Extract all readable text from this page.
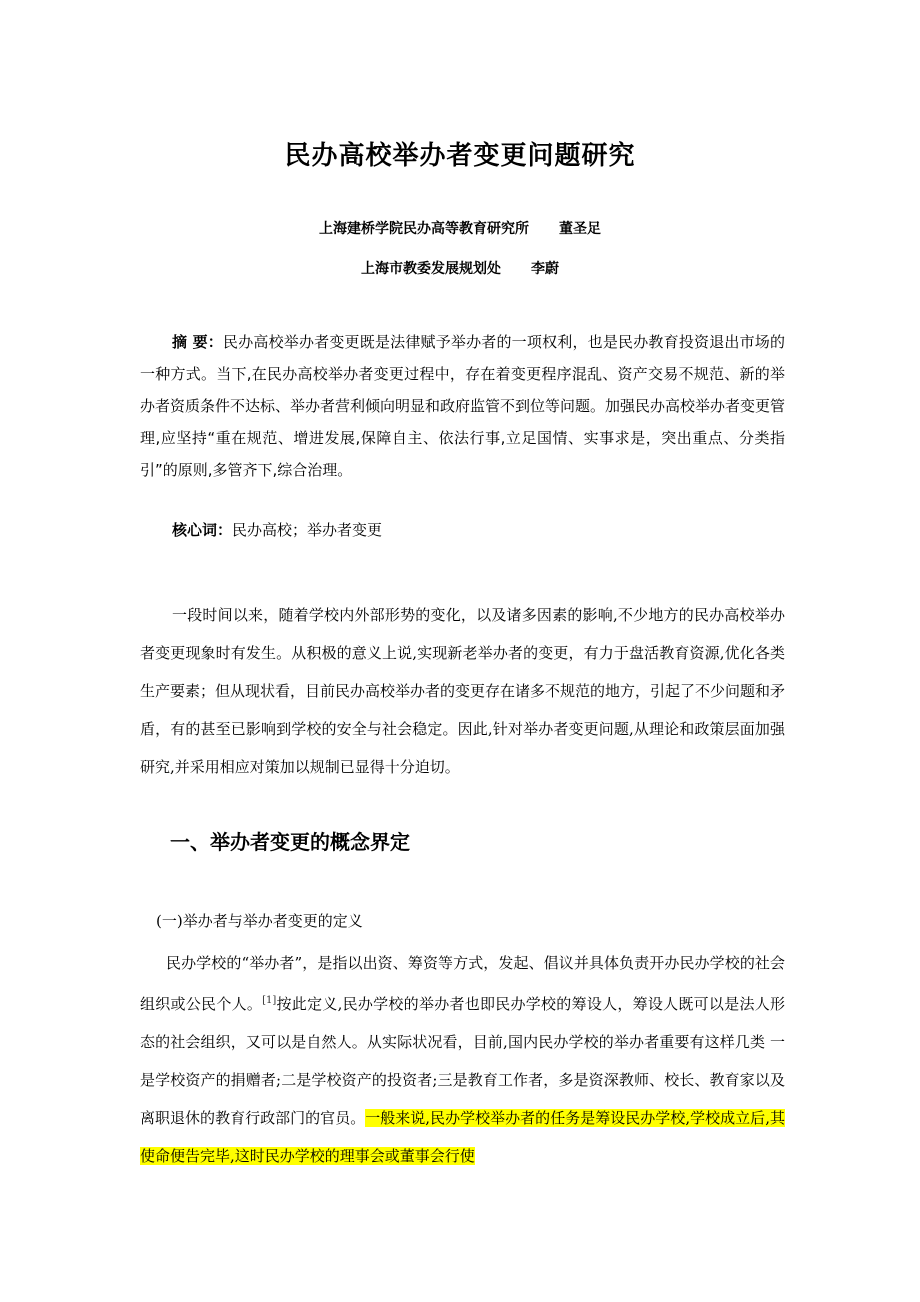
民办高校举办者变更问题研究
上海建桥学院民办高等教育研究所 董圣足
上海市教委发展规划处 李蔚

摘 要：民办高校举办者变更既是法律赋予举办者的一项权利，也是民办教育投资退出市场的一种方式。当下,在民办高校举办者变更过程中，存在着变更程序混乱、资产交易不规范、新的举办者资质条件不达标、举办者营利倾向明显和政府监管不到位等问题。加强民办高校举办者变更管理,应坚持“重在规范、增进发展,保障自主、依法行事,立足国情、实事求是，突出重点、分类指引”的原则,多管齐下,综合治理。

核心词：民办高校；举办者变更

一段时间以来，随着学校内外部形势的变化，以及诸多因素的影响,不少地方的民办高校举办者变更现象时有发生。从积极的意义上说,实现新老举办者的变更，有力于盘活教育资源,优化各类生产要素；但从现状看，目前民办高校举办者的变更存在诸多不规范的地方，引起了不少问题和矛盾，有的甚至已影响到学校的安全与社会稳定。因此,针对举办者变更问题,从理论和政策层面加强研究,并采用相应对策加以规制已显得十分迫切。

一、举办者变更的概念界定

(一)举办者与举办者变更的定义

民办学校的“举办者”，是指以出资、筹资等方式，发起、倡议并具体负责开办民办学校的社会组织或公民个人。[1]按此定义,民办学校的举办者也即民办学校的筹设人，筹设人既可以是法人形态的社会组织，又可以是自然人。从实际状况看，目前,国内民办学校的举办者重要有这样几类 一是学校资产的捐赠者;二是学校资产的投资者;三是教育工作者，多是资深教师、校长、教育家以及离职退休的教育行政部门的官员。一般来说,民办学校举办者的任务是筹设民办学校,学校成立后,其使命便告完毕,这时民办学校的理事会或董事会行使
